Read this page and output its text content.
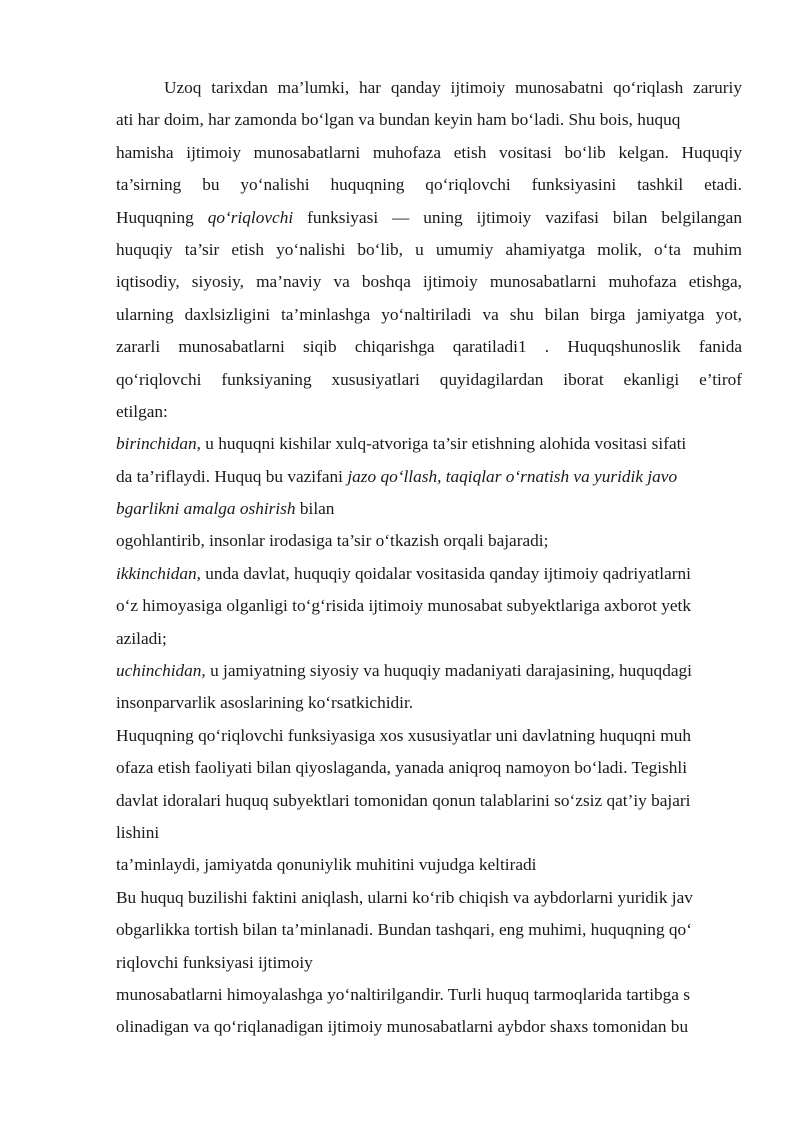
Uzoq tarixdan ma’lumki, har qanday ijtimoiy munosabatni qo‘riqlash zaruriy
ati har doim, har zamonda bo‘lgan va bundan keyin ham bo‘ladi. Shu bois, huquq
hamisha ijtimoiy munosabatlarni muhofaza etish vositasi bo‘lib kelgan. Huquqiy
ta’sirning bu yo‘nalishi huquqning qo‘riqlovchi funksiyasini tashkil etadi.
Huquqning qo‘riqlovchi funksiyasi — uning ijtimoiy vazifasi bilan belgilangan
huquqiy ta’sir etish yo‘nalishi bo‘lib, u umumiy ahamiyatga molik, o‘ta muhim
iqtisodiy, siyosiy, ma’naviy va boshqa ijtimoiy munosabatlarni muhofaza etishga,
ularning daxlsizligini ta’minlashga yo‘naltiriladi va shu bilan birga jamiyatga yot,
zararli munosabatlarni siqib chiqarishga qaratiladi1 . Huquqshunoslik fanida
qo‘riqlovchi funksiyaning xususiyatlari quyidagilardan iborat ekanligi e’tirof
etilgan:
birinchidan, u huquqni kishilar xulq-atvoriga ta’sir etishning alohida vositasi sifati
da ta’riflaydi. Huquq bu vazifani jazo qo‘llash, taqiqlar o‘rnatish va yuridik javo
bgarlikni amalga oshirish bilan
ogohlantirib, insonlar irodasiga ta’sir o‘tkazish orqali bajaradi;
ikkinchidan, unda davlat, huquqiy qoidalar vositasida qanday ijtimoiy qadriyatlarni
o‘z himoyasiga olganligi to‘g‘risida ijtimoiy munosabat subyektlariga axborot yetk
aziladi;
uchinchidan, u jamiyatning siyosiy va huquqiy madaniyati darajasining, huquqdagi
insonparvarlik asoslarining ko‘rsatkichidir.
Huquqning qo‘riqlovchi funksiyasiga xos xususiyatlar uni davlatning huquqni muh
ofaza etish faoliyati bilan qiyoslaganda, yanada aniqroq namoyon bo‘ladi. Tegishli
davlat idoralari huquq subyektlari tomonidan qonun talablarini so‘zsiz qat’iy bajari
lishini
ta’minlaydi, jamiyatda qonuniylik muhitini vujudga keltiradi
Bu huquq buzilishi faktini aniqlash, ularni ko‘rib chiqish va aybdorlarni yuridik jav
obgarlikka tortish bilan ta’minlanadi. Bundan tashqari, eng muhimi, huquqning qo‘
riqlovchi funksiyasi ijtimoiy
munosabatlarni himoyalashga yo‘naltirilgandir. Turli huquq tarmoqlarida tartibga s
olinadigan va qo‘riqlanadigan ijtimoiy munosabatlarni aybdor shaxs tomonidan bu
